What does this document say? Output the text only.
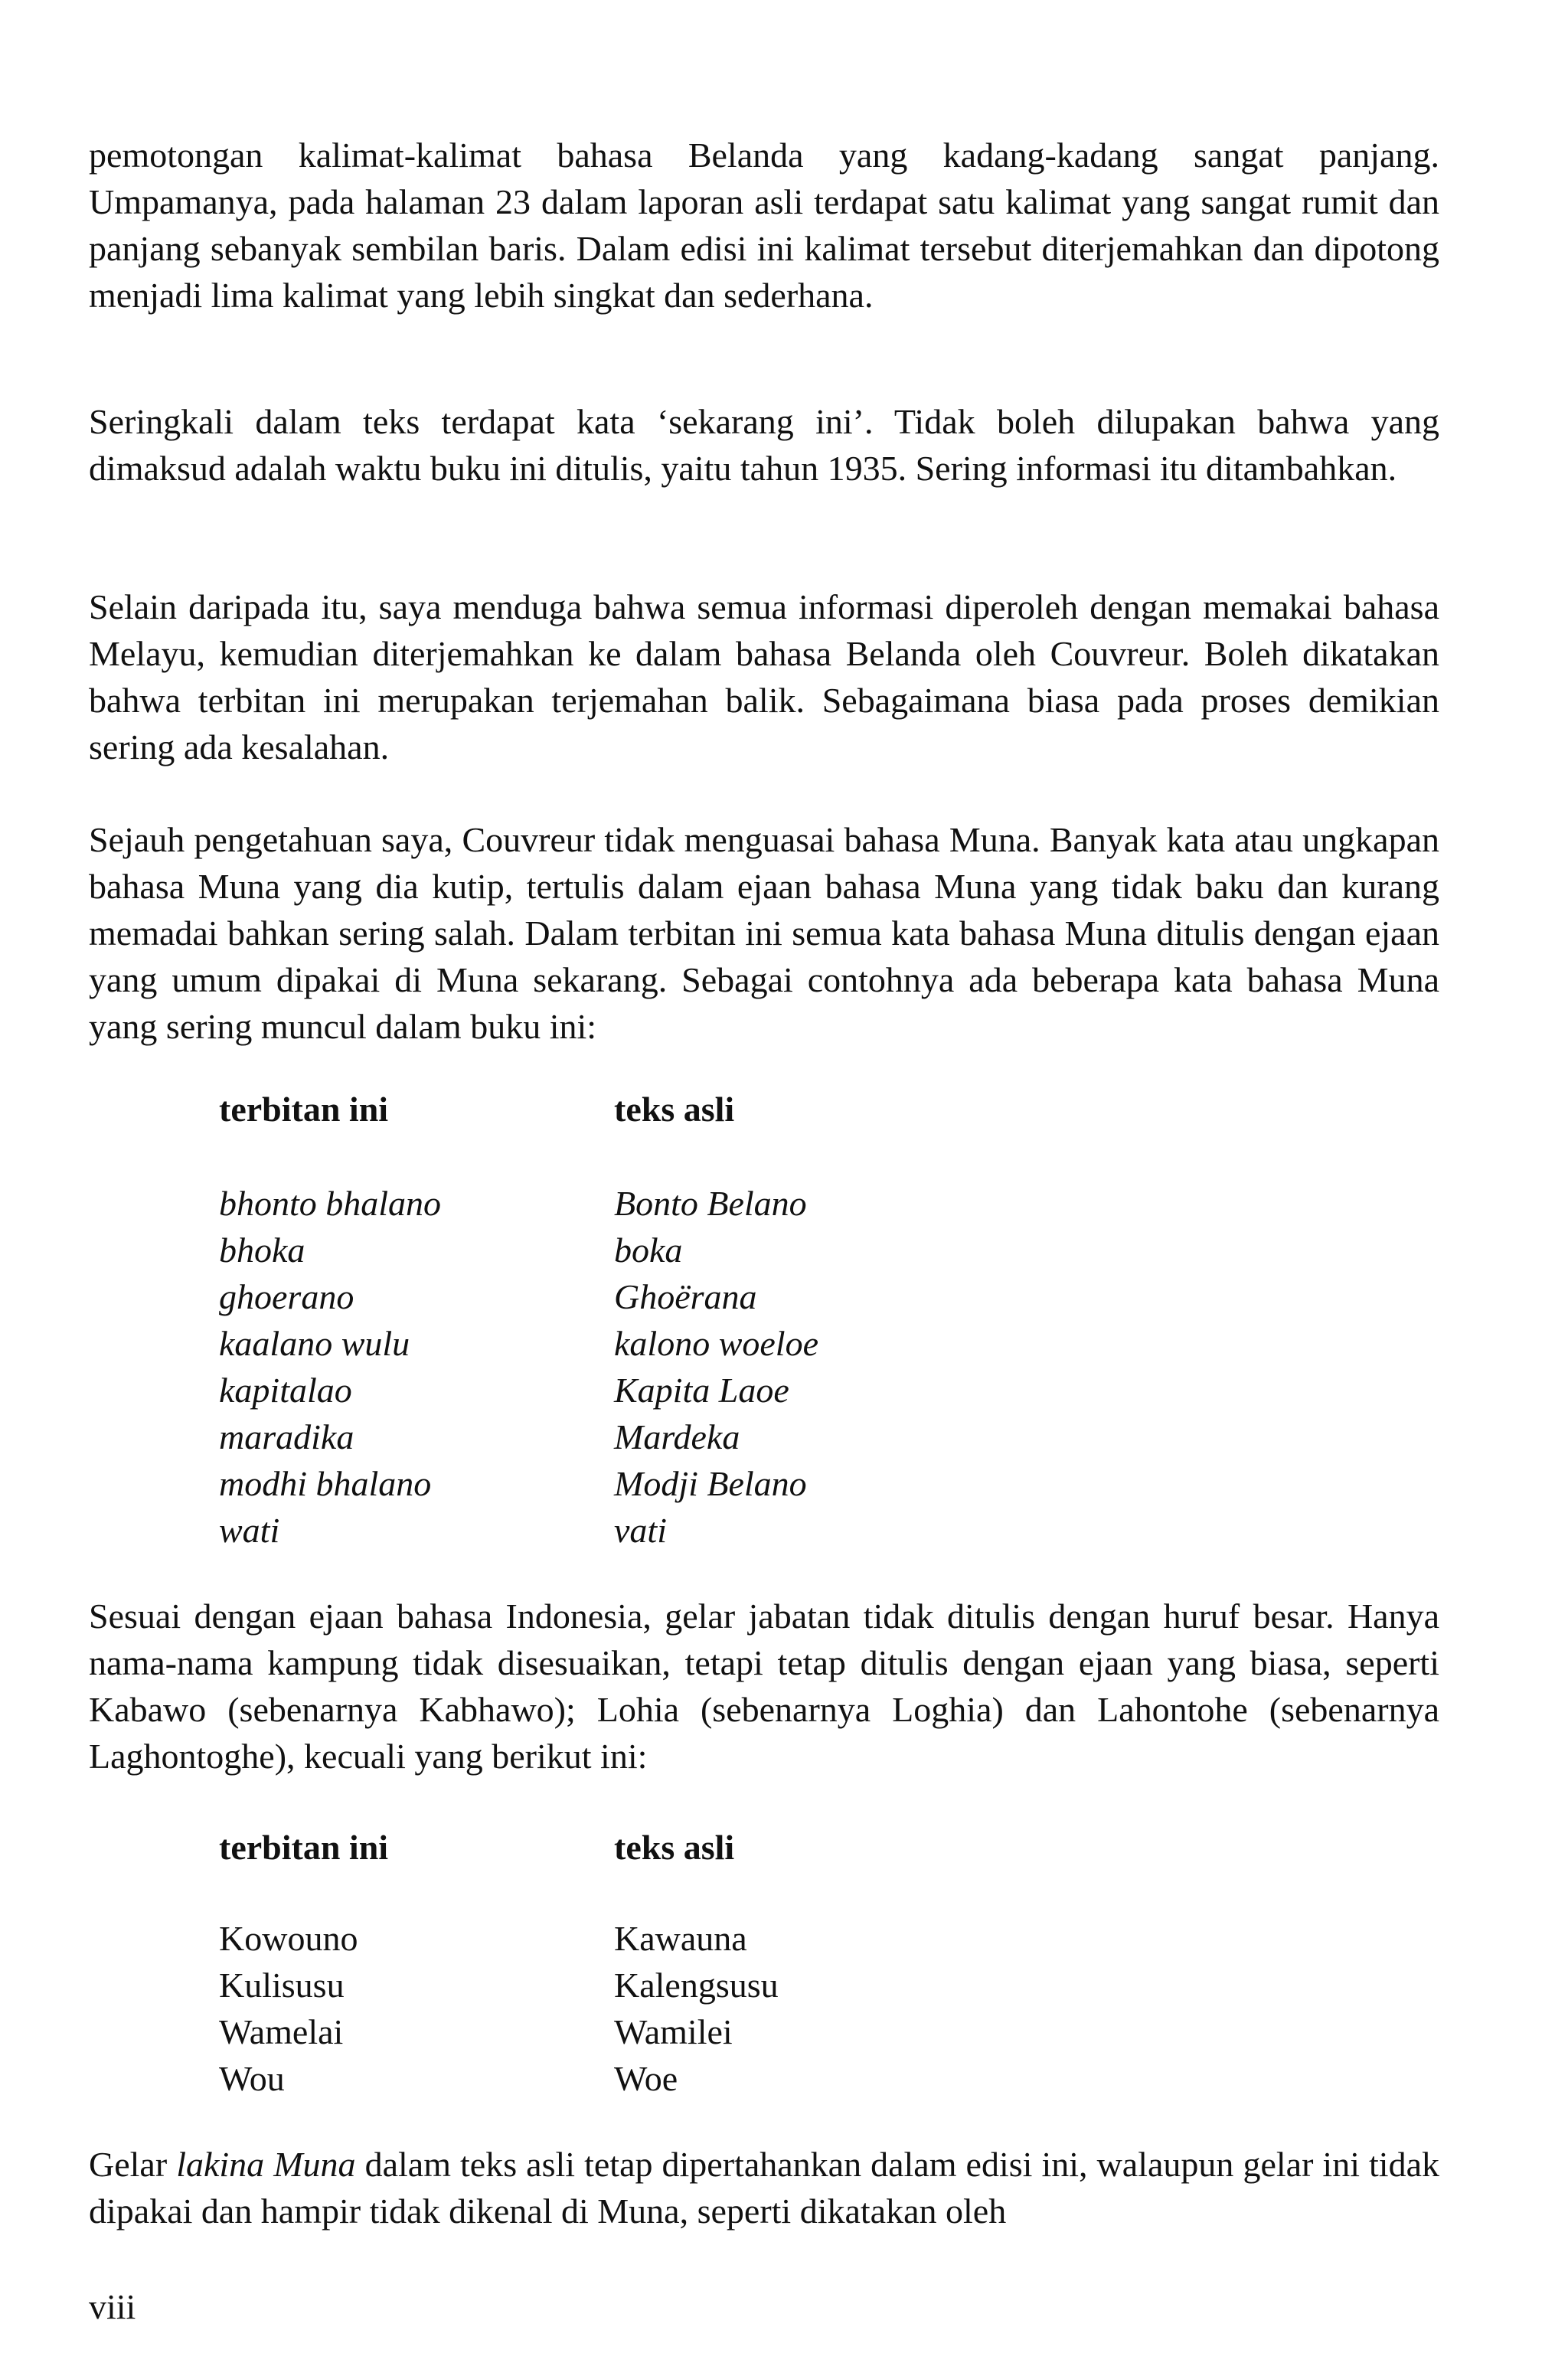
pemotongan kalimat-kalimat bahasa Belanda yang kadang-kadang sangat panjang. Umpamanya, pada halaman 23 dalam laporan asli terdapat satu kalimat yang sangat rumit dan panjang sebanyak sembilan baris. Dalam edisi ini kalimat tersebut diterjemahkan dan dipotong menjadi lima kalimat yang lebih singkat dan sederhana.

Seringkali dalam teks terdapat kata ‘sekarang ini’. Tidak boleh dilupakan bahwa yang dimaksud adalah waktu buku ini ditulis, yaitu tahun 1935. Sering informasi itu ditambahkan.

Selain daripada itu, saya menduga bahwa semua informasi diperoleh dengan memakai bahasa Melayu, kemudian diterjemahkan ke dalam bahasa Belanda oleh Couvreur. Boleh dikatakan bahwa terbitan ini merupakan terjemahan balik. Sebagaimana biasa pada proses demikian sering ada kesalahan.

Sejauh pengetahuan saya, Couvreur tidak menguasai bahasa Muna. Banyak kata atau ungkapan bahasa Muna yang dia kutip, tertulis dalam ejaan bahasa Muna yang tidak baku dan kurang memadai bahkan sering salah. Dalam terbitan ini semua kata bahasa Muna ditulis dengan ejaan yang umum dipakai di Muna sekarang. Sebagai contohnya ada beberapa kata bahasa Muna yang sering muncul dalam buku ini:

terbitan ini	teks asli
bhonto bhalano	Bonto Belano
bhoka	boka
ghoerano	Ghoërana
kaalano wulu	kalono woeloe
kapitalao	Kapita Laoe
maradika	Mardeka
modhi bhalano	Modji Belano
wati	vati

Sesuai dengan ejaan bahasa Indonesia, gelar jabatan tidak ditulis dengan huruf besar. Hanya nama-nama kampung tidak disesuaikan, tetapi tetap ditulis dengan ejaan yang biasa, seperti Kabawo (sebenarnya Kabhawo); Lohia (sebenarnya Loghia) dan Lahontohe (sebenarnya Laghontoghe), kecuali yang berikut ini:

terbitan ini	teks asli
Kowouno	Kawauna
Kulisusu	Kalengsusu
Wamelai	Wamilei
Wou	Woe

Gelar lakina Muna dalam teks asli tetap dipertahankan dalam edisi ini, walaupun gelar ini tidak dipakai dan hampir tidak dikenal di Muna, seperti dikatakan oleh

viii
